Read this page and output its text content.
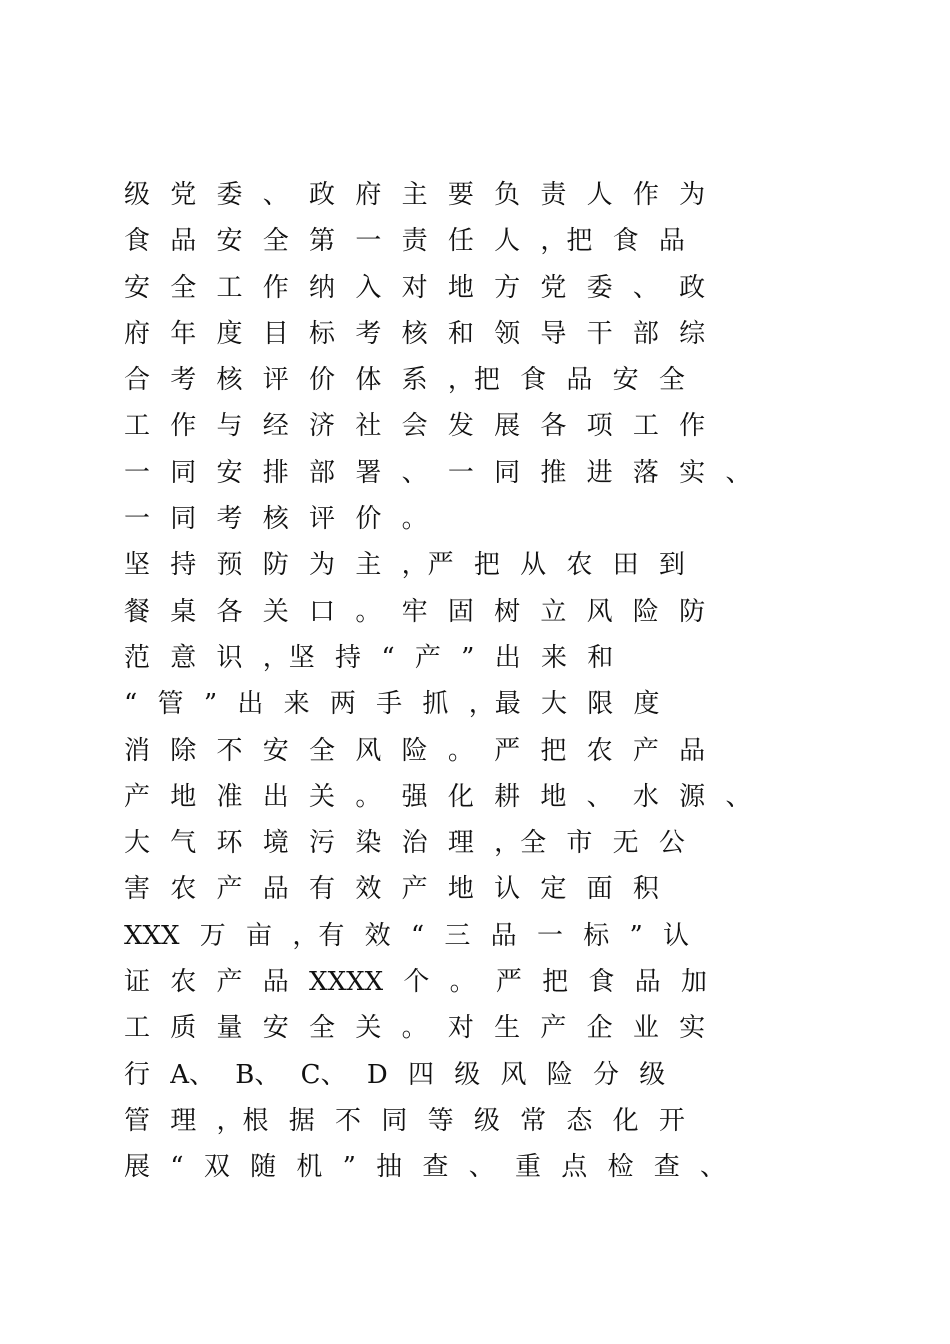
级 党 委 、 政 府 主 要 负 责 人 作 为
食 品 安 全 第 一 责 任 人 ，把 食 品
安 全 工 作 纳 入 对 地 方 党 委 、 政
府 年 度 目 标 考 核 和 领 导 干 部 综
合 考 核 评 价 体 系 ，把 食 品 安 全
工 作 与 经 济 社 会 发 展 各 项 工 作
一 同 安 排 部 署 、 一 同 推 进 落 实 、
一 同 考 核 评 价 。
坚 持 预 防 为 主 ，严 把 从 农 田 到
餐 桌 各 关 口 。 牢 固 树 立 风 险 防
范 意 识 ，坚 持 “ 产 ” 出 来 和
“ 管 ” 出 来 两 手 抓 ，最 大 限 度
消 除 不 安 全 风 险 。 严 把 农 产 品
产 地 准 出 关 。 强 化 耕 地 、 水 源 、
大 气 环 境 污 染 治 理 ，全 市 无 公
害 农 产 品 有 效 产 地 认 定 面 积
XXX 万 亩 ，有 效 “ 三 品 一 标 ” 认
证 农 产 品 XXXX 个 。 严 把 食 品 加
工 质 量 安 全 关 。 对 生 产 企 业 实
行 A、 B、 C、 D 四 级 风 险 分 级
管 理 ，根 据 不 同 等 级 常 态 化 开
展 “ 双 随 机 ” 抽 查 、 重 点 检 查 、
